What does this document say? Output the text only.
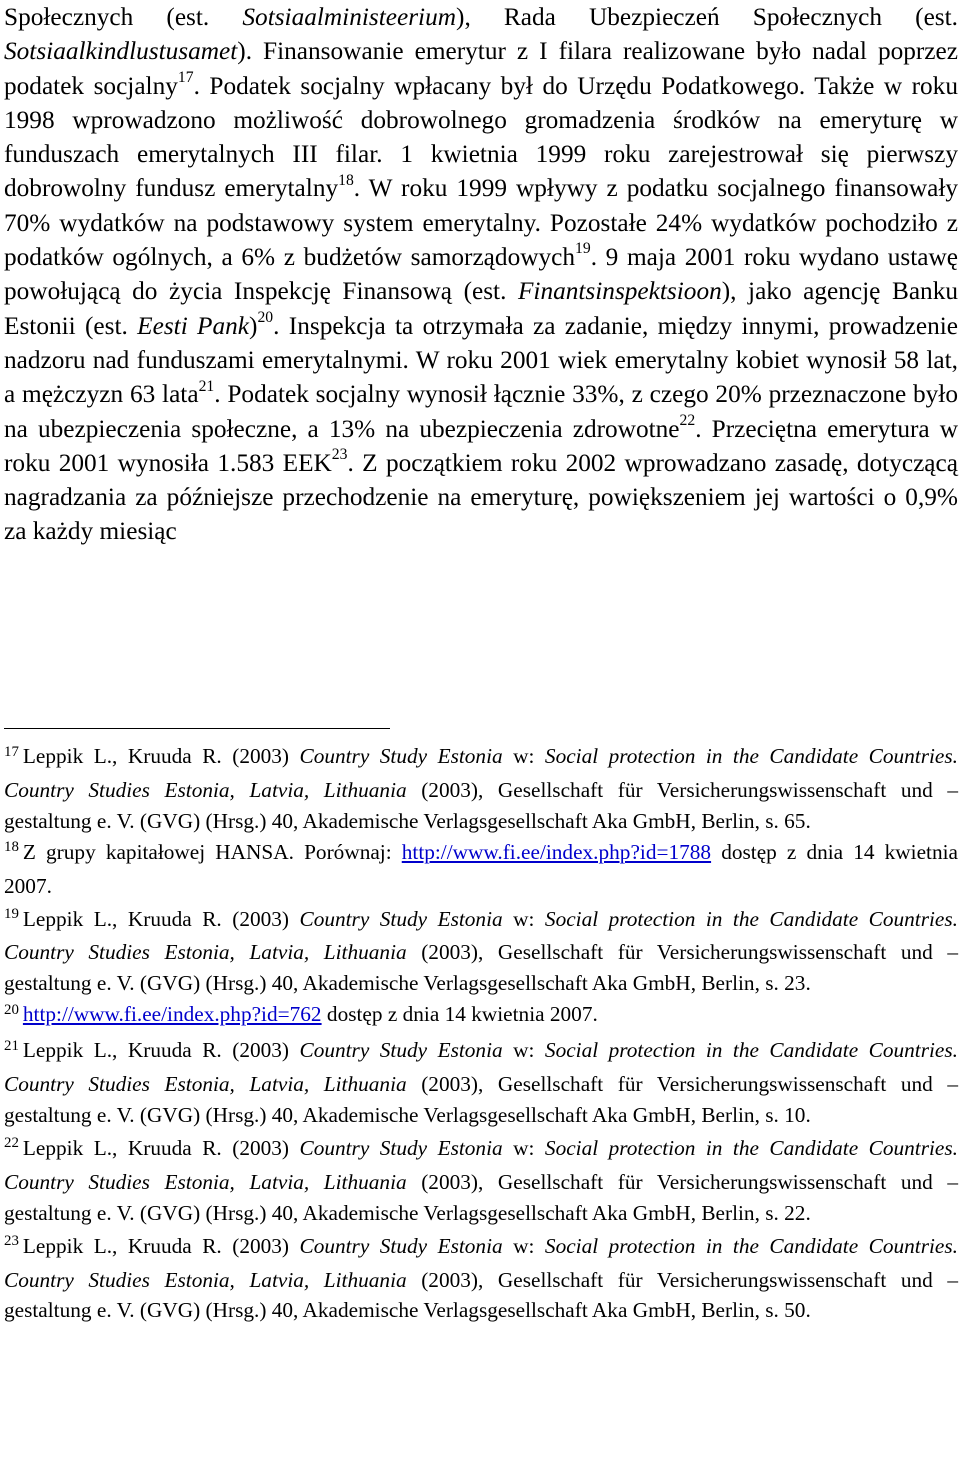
Społecznych (est. Sotsiaalministeerium), Rada Ubezpieczeń Społecznych (est. Sotsiaalkindlustusamet). Finansowanie emerytur z I filara realizowane było nadal poprzez podatek socjalny$^{17}$. Podatek socjalny wpłacany był do Urzędu Podatkowego. Także w roku 1998 wprowadzono możliwość dobrowolnego gromadzenia środków na emeryturę w funduszach emerytalnych III filar. 1 kwietnia 1999 roku zarejestrował się pierwszy dobrowolny fundusz emerytalny$^{18}$. W roku 1999 wpływy z podatku socjalnego finansowały 70% wydatków na podstawowy system emerytalny. Pozostałe 24% wydatków pochodziło z podatków ogólnych, a 6% z budżetów samorządowych$^{19}$. 9 maja 2001 roku wydano ustawę powołującą do życia Inspekcję Finansową (est. Finantsinspektsioon), jako agencję Banku Estonii (est. Eesti Pank)$^{20}$. Inspekcja ta otrzymała za zadanie, między innymi, prowadzenie nadzoru nad funduszami emerytalnymi. W roku 2001 wiek emerytalny kobiet wynosił 58 lat, a mężczyzn 63 lata$^{21}$. Podatek socjalny wynosił łącznie 33%, z czego 20% przeznaczone było na ubezpieczenia społeczne, a 13% na ubezpieczenia zdrowotne$^{22}$. Przeciętna emerytura w roku 2001 wynosiła 1.583 EEK$^{23}$. Z początkiem roku 2002 wprowadzano zasadę, dotyczącą nagradzania za późniejsze przechodzenie na emeryturę, powiększeniem jej wartości o 0,9% za każdy miesiąc

$^{17}$ Leppik L., Kruuda R. (2003) Country Study Estonia w: Social protection in the Candidate Countries. Country Studies Estonia, Latvia, Lithuania (2003), Gesellschaft für Versicherungswissenschaft und – gestaltung e. V. (GVG) (Hrsg.) 40, Akademische Verlagsgesellschaft Aka GmbH, Berlin, s. 65.

$^{18}$ Z grupy kapitałowej HANSA. Porównaj: http://www.fi.ee/index.php?id=1788 dostęp z dnia 14 kwietnia 2007.

$^{19}$ Leppik L., Kruuda R. (2003) Country Study Estonia w: Social protection in the Candidate Countries. Country Studies Estonia, Latvia, Lithuania (2003), Gesellschaft für Versicherungswissenschaft und – gestaltung e. V. (GVG) (Hrsg.) 40, Akademische Verlagsgesellschaft Aka GmbH, Berlin, s. 23.

$^{20}$ http://www.fi.ee/index.php?id=762 dostęp z dnia 14 kwietnia 2007.

$^{21}$ Leppik L., Kruuda R. (2003) Country Study Estonia w: Social protection in the Candidate Countries. Country Studies Estonia, Latvia, Lithuania (2003), Gesellschaft für Versicherungswissenschaft und – gestaltung e. V. (GVG) (Hrsg.) 40, Akademische Verlagsgesellschaft Aka GmbH, Berlin, s. 10.

$^{22}$ Leppik L., Kruuda R. (2003) Country Study Estonia w: Social protection in the Candidate Countries. Country Studies Estonia, Latvia, Lithuania (2003), Gesellschaft für Versicherungswissenschaft und – gestaltung e. V. (GVG) (Hrsg.) 40, Akademische Verlagsgesellschaft Aka GmbH, Berlin, s. 22.

$^{23}$ Leppik L., Kruuda R. (2003) Country Study Estonia w: Social protection in the Candidate Countries. Country Studies Estonia, Latvia, Lithuania (2003), Gesellschaft für Versicherungswissenschaft und – gestaltung e. V. (GVG) (Hrsg.) 40, Akademische Verlagsgesellschaft Aka GmbH, Berlin, s. 50.
